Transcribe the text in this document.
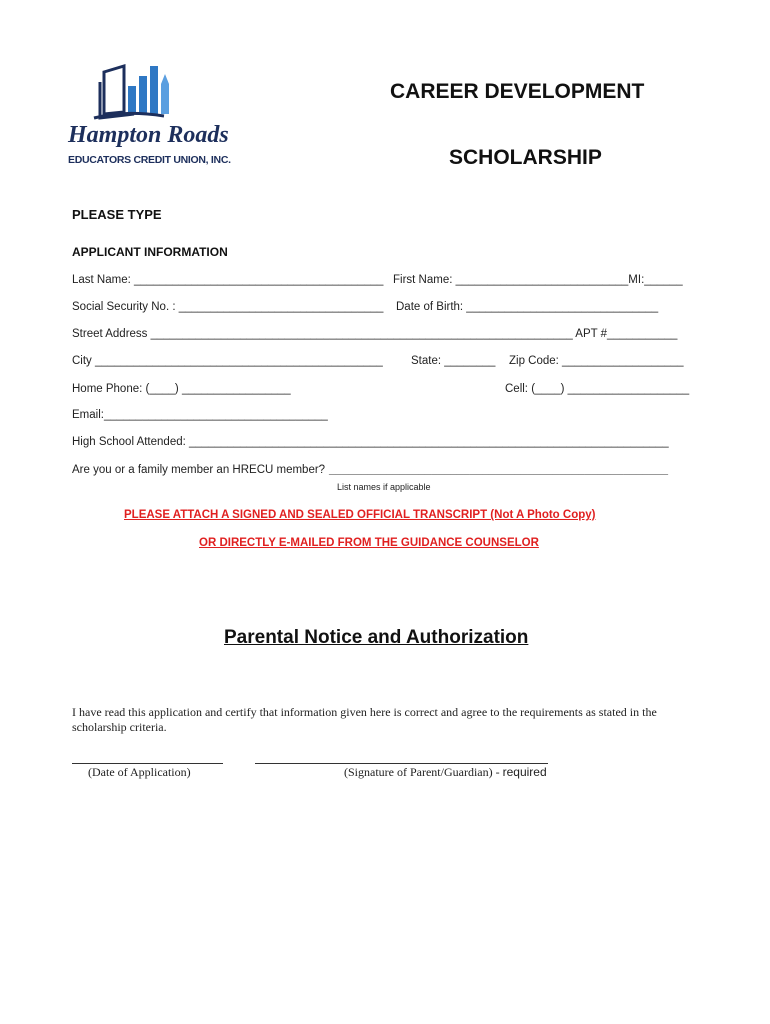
Hampton Roads
EDUCATORS CREDIT UNION, INC.
CAREER DEVELOPMENT
SCHOLARSHIP
PLEASE TYPE
APPLICANT INFORMATION
Last Name: _______________________________________ First Name: ___________________________MI:______
Social Security No. : ________________________________ Date of Birth: ______________________________
Street Address __________________________________________________________________ APT #___________
City _____________________________________________ State: ________ Zip Code: ___________________
Home Phone: (____) _________________	Cell: (____) ___________________
Email:___________________________________
High School Attended: ___________________________________________________________________________
Are you or a family member an HRECU member? _____________________________________________________
List names if applicable
PLEASE ATTACH A SIGNED AND SEALED OFFICIAL TRANSCRIPT (Not A Photo Copy)
OR DIRECTLY E-MAILED FROM THE GUIDANCE COUNSELOR
Parental Notice and Authorization
I have read this application and certify that information given here is correct and agree to the requirements as stated in the
scholarship criteria.
(Date of Application)	(Signature of Parent/Guardian) - required
